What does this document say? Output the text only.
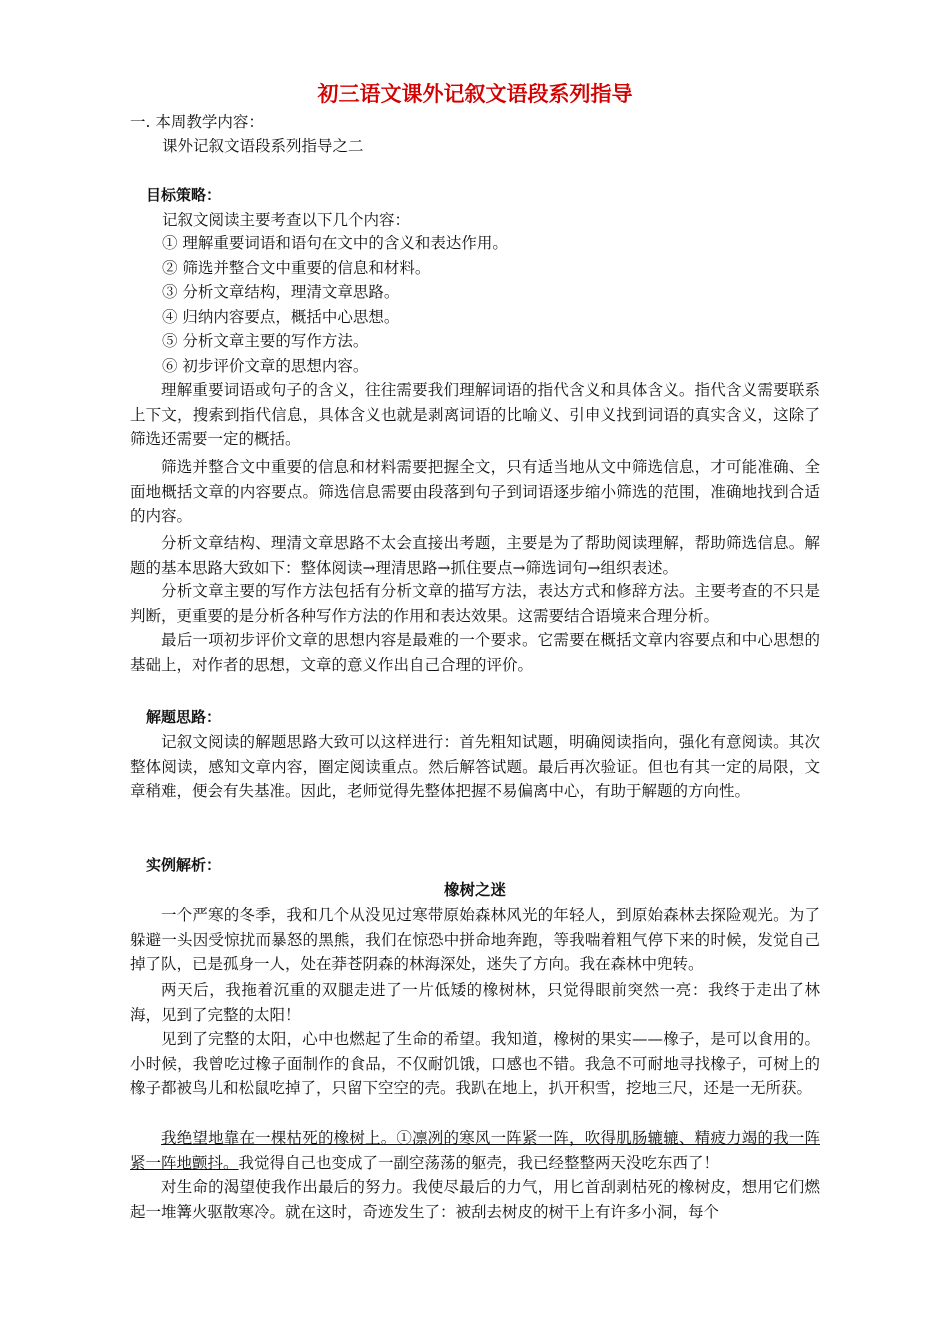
初三语文课外记叙文语段系列指导
一. 本周教学内容：
课外记叙文语段系列指导之二
目标策略：
记叙文阅读主要考查以下几个内容：
① 理解重要词语和语句在文中的含义和表达作用。
② 筛选并整合文中重要的信息和材料。
③ 分析文章结构，理清文章思路。
④ 归纳内容要点，概括中心思想。
⑤ 分析文章主要的写作方法。
⑥ 初步评价文章的思想内容。
理解重要词语或句子的含义，往往需要我们理解词语的指代含义和具体含义。指代含义需要联系上下文，搜索到指代信息，具体含义也就是剥离词语的比喻义、引申义找到词语的真实含义，这除了筛选还需要一定的概括。
筛选并整合文中重要的信息和材料需要把握全文，只有适当地从文中筛选信息，才可能准确、全面地概括文章的内容要点。筛选信息需要由段落到句子到词语逐步缩小筛选的范围，准确地找到合适的内容。
分析文章结构、理清文章思路不太会直接出考题，主要是为了帮助阅读理解，帮助筛选信息。解题的基本思路大致如下：整体阅读→理清思路→抓住要点→筛选词句→组织表述。
分析文章主要的写作方法包括有分析文章的描写方法，表达方式和修辞方法。主要考查的不只是判断，更重要的是分析各种写作方法的作用和表达效果。这需要结合语境来合理分析。
最后一项初步评价文章的思想内容是最难的一个要求。它需要在概括文章内容要点和中心思想的基础上，对作者的思想，文章的意义作出自己合理的评价。
解题思路：
记叙文阅读的解题思路大致可以这样进行：首先粗知试题，明确阅读指向，强化有意阅读。其次整体阅读，感知文章内容，圈定阅读重点。然后解答试题。最后再次验证。但也有其一定的局限，文章稍难，便会有失基准。因此，老师觉得先整体把握不易偏离中心，有助于解题的方向性。
实例解析：
橡树之迷
一个严寒的冬季，我和几个从没见过寒带原始森林风光的年轻人，到原始森林去探险观光。为了躲避一头因受惊扰而暴怒的黑熊，我们在惊恐中拼命地奔跑，等我喘着粗气停下来的时候，发觉自己掉了队，已是孤身一人，处在莽苍阴森的林海深处，迷失了方向。我在森林中兜转。
两天后，我拖着沉重的双腿走进了一片低矮的橡树林，只觉得眼前突然一亮：我终于走出了林海，见到了完整的太阳！
见到了完整的太阳，心中也燃起了生命的希望。我知道，橡树的果实——橡子，是可以食用的。小时候，我曾吃过橡子面制作的食品，不仅耐饥饿，口感也不错。我急不可耐地寻找橡子，可树上的橡子都被鸟儿和松鼠吃掉了，只留下空空的壳。我趴在地上，扒开积雪，挖地三尺，还是一无所获。
我绝望地靠在一棵枯死的橡树上。①凛冽的寒风一阵紧一阵，吹得肌肠辘辘、精疲力竭的我一阵紧一阵地颤抖。我觉得自己也变成了一副空荡荡的躯壳，我已经整整两天没吃东西了！
对生命的渴望使我作出最后的努力。我使尽最后的力气，用匕首刮剥枯死的橡树皮，想用它们燃起一堆篝火驱散寒冷。就在这时，奇迹发生了：被刮去树皮的树干上有许多小洞，每个
